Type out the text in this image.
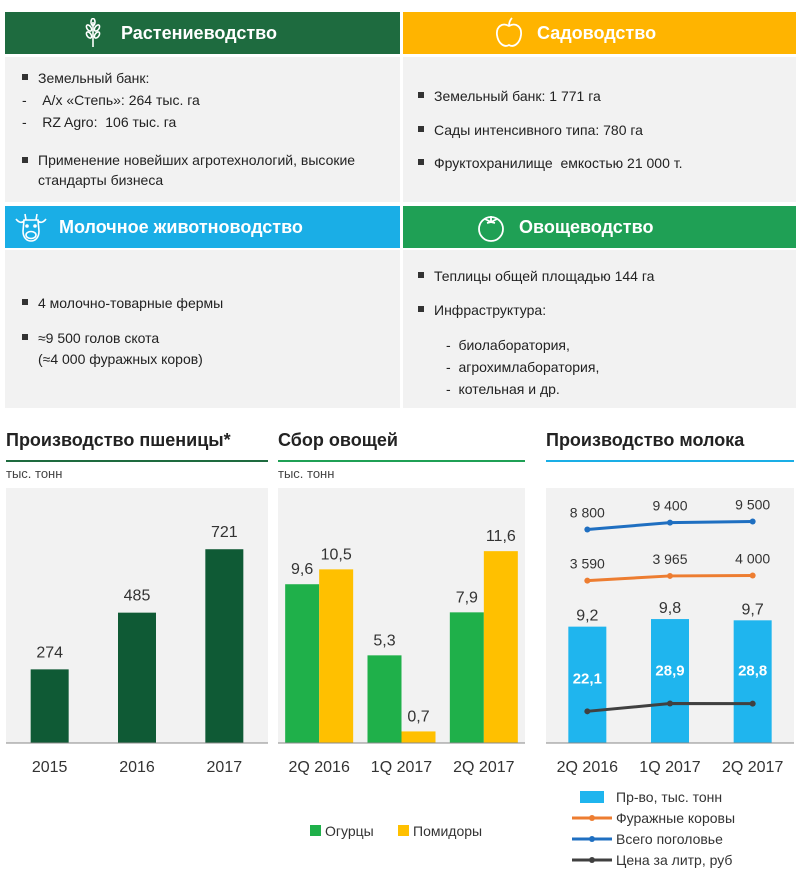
Растениеводство	Садоводство
Земельный банк:
-    А/х «Степь»: 264 тыс. га
-    RZ Agro:  106 тыс. га
Применение новейших агротехнологий, высокие стандарты бизнеса
Земельный банк: 1 771 га
Сады интенсивного типа: 780 га
Фруктохранилище  емкостью 21 000 т.
Молочное животноводство	Овощеводство
4 молочно-товарные фермы
≈9 500 голов скота
(≈4 000 фуражных коров)
Теплицы общей площадью 144 га
Инфраструктура:
-  биолаборатория,
-  агрохимлаборатория,
-  котельная и др.
Производство пшеницы*
тыс. тонн
Сбор овощей
тыс. тонн
Производство молока
274
2015
485
2016
721
2017
9,6
10,5
2Q 2016
5,3
0,7
1Q 2017
7,9
11,6
2Q 2017
Огурцы	Помидоры
9,2
2Q 2016
9,8
1Q 2017
9,7
2Q 2017
8 800	9 400	9 500
3 590	3 965	4 000
22,1	28,9	28,8
Пр-во, тыс. тонн
Фуражные коровы
Всего поголовье
Цена за литр, руб
